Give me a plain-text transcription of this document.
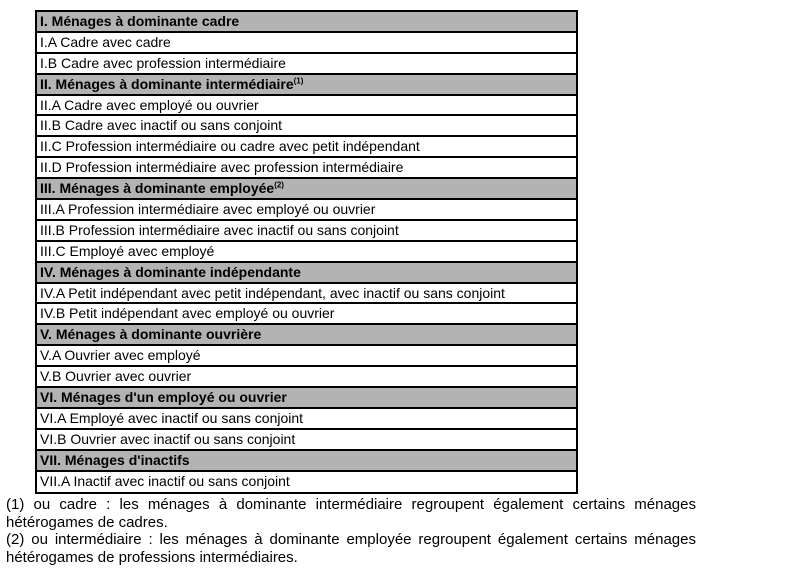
I. Ménages à dominante cadre
I.A Cadre avec cadre
I.B Cadre avec profession intermédiaire
II. Ménages à dominante intermédiaire$^{(1)}$
II.A Cadre avec employé ou ouvrier
II.B Cadre avec inactif ou sans conjoint
II.C Profession intermédiaire ou cadre avec petit indépendant
II.D Profession intermédiaire avec profession intermédiaire
III. Ménages à dominante employée$^{(2)}$
III.A Profession intermédiaire avec employé ou ouvrier
III.B Profession intermédiaire avec inactif ou sans conjoint
III.C Employé avec employé
IV. Ménages à dominante indépendante
IV.A Petit indépendant avec petit indépendant, avec inactif ou sans conjoint
IV.B Petit indépendant avec employé ou ouvrier
V. Ménages à dominante ouvrière
V.A Ouvrier avec employé
V.B Ouvrier avec ouvrier
VI. Ménages d'un employé ou ouvrier
VI.A Employé avec inactif ou sans conjoint
VI.B Ouvrier avec inactif ou sans conjoint
VII. Ménages d'inactifs
VII.A Inactif avec inactif ou sans conjoint

(1) ou cadre : les ménages à dominante intermédiaire regroupent également certains ménages hétérogames de cadres.

(2) ou intermédiaire : les ménages à dominante employée regroupent également certains ménages hétérogames de professions intermédiaires.
